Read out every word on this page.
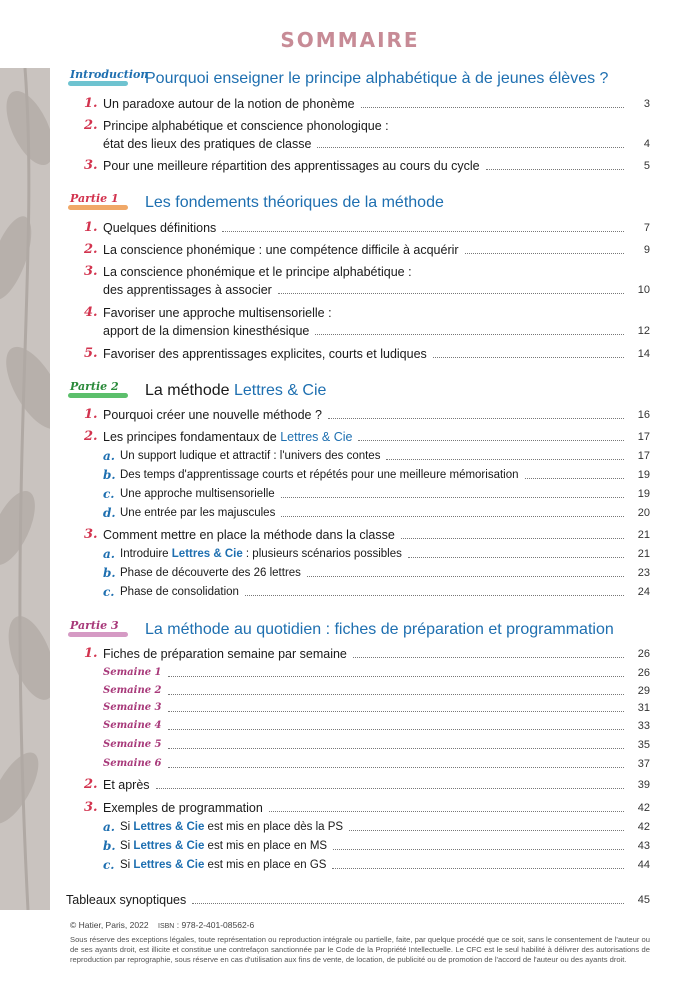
SOMMAIRE
Introduction
Pourquoi enseigner le principe alphabétique à de jeunes élèves ?
1. Un paradoxe autour de la notion de phonème	3
2. Principe alphabétique et conscience phonologique :
état des lieux des pratiques de classe	4
3. Pour une meilleure répartition des apprentissages au cours du cycle	5
Partie 1 Les fondements théoriques de la méthode
1. Quelques définitions	7
2. La conscience phonémique : une compétence difficile à acquérir	9
3. La conscience phonémique et le principe alphabétique :
des apprentissages à associer	10
4. Favoriser une approche multisensorielle :
apport de la dimension kinesthésique	12
5. Favoriser des apprentissages explicites, courts et ludiques	14
Partie 2 La méthode Lettres & Cie
1. Pourquoi créer une nouvelle méthode ?	16
2. Les principes fondamentaux de Lettres & Cie	17
a. Un support ludique et attractif : l'univers des contes	17
b. Des temps d'apprentissage courts et répétés pour une meilleure mémorisation	19
c. Une approche multisensorielle	19
d. Une entrée par les majuscules	20
3. Comment mettre en place la méthode dans la classe	21
a. Introduire Lettres & Cie : plusieurs scénarios possibles	21
b. Phase de découverte des 26 lettres	23
c. Phase de consolidation	24
Partie 3 La méthode au quotidien : fiches de préparation et programmation
1. Fiches de préparation semaine par semaine	26
Semaine 1	26
Semaine 2	29
Semaine 3	31
Semaine 4	33
Semaine 5	35
Semaine 6	37
2. Et après	39
3. Exemples de programmation	42
a. Si Lettres & Cie est mis en place dès la PS	42
b. Si Lettres & Cie est mis en place en MS	43
c. Si Lettres & Cie est mis en place en GS	44
Tableaux synoptiques	45
© Hatier, Paris, 2022 ISBN : 978-2-401-08562-6
Sous réserve des exceptions légales, toute représentation ou reproduction intégrale ou partielle, faite, par quelque procédé que ce soit, sans le consentement de l'auteur ou de ses ayants droit, est illicite et constitue une contrefaçon sanctionnée par le Code de la Propriété Intellectuelle. Le CFC est le seul habilité à délivrer des autorisations de reproduction par reprographie, sous réserve en cas d'utilisation aux fins de vente, de location, de publicité ou de promotion de l'accord de l'auteur ou des ayants droit.
